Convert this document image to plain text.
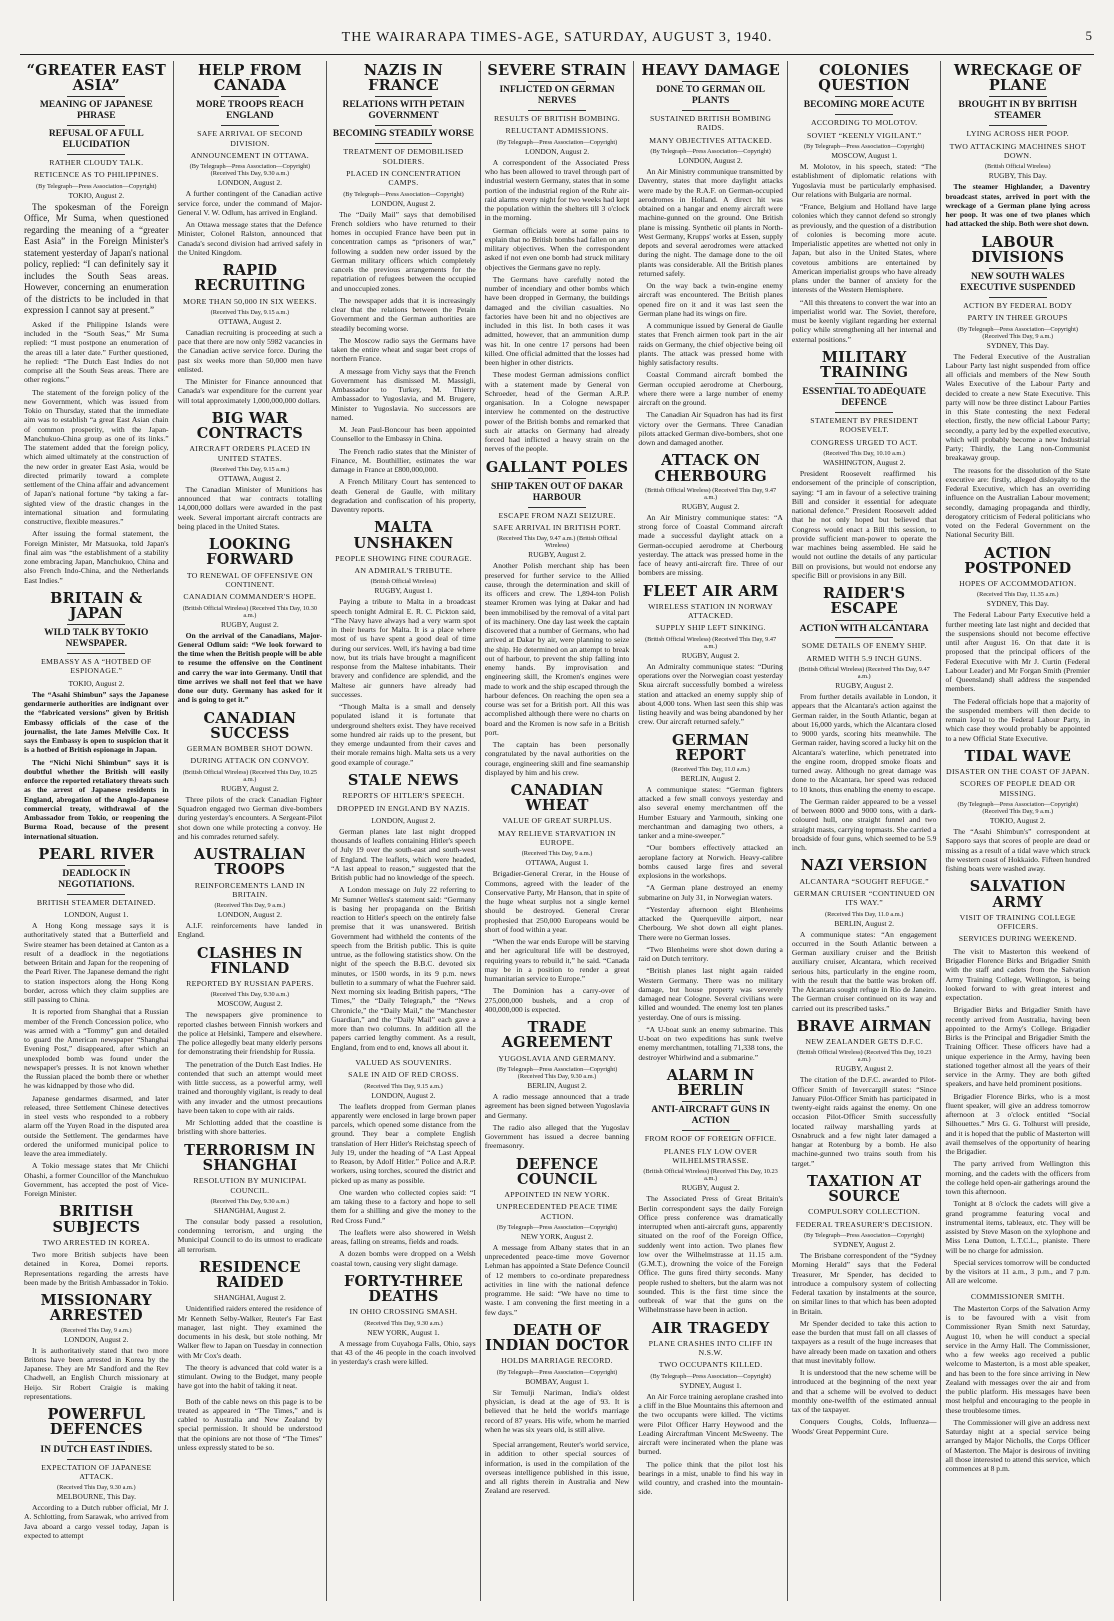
THE WAIRARAPA TIMES-AGE, SATURDAY, AUGUST 3, 1940.	5
“GREATER EAST ASIA”
MEANING OF JAPANESE PHRASE
REFUSAL OF A FULL ELUCIDATION
RATHER CLOUDY TALK.
RETICENCE AS TO PHILIPPINES.
(By Telegraph—Press Association—Copyright)
TOKIO, August 2.

The spokesman of the Foreign Office, Mr Suma, when questioned regarding the meaning of a “greater East Asia” in the Foreign Minister's statement yesterday of Japan's national policy, replied: “I can definitely say it includes the South Seas areas. However, concerning an enumeration of the districts to be included in that expression I cannot say at present.”

Asked if the Philippine Islands were included in the “South Seas,” Mr Suma replied: “I must postpone an enumeration of the areas till a later date.” Further questioned, he replied: “The Dutch East Indies do not comprise all the South Seas areas. There are other regions.”

The statement of the foreign policy of the new Government, which was issued from Tokio on Thursday, stated that the immediate aim was to establish “a great East Asian chain of common prosperity, with the Japan-Manchukuo-China group as one of its links.” The statement added that the foreign policy, which aimed ultimately at the construction of the new order in greater East Asia, would be directed primarily toward a complete settlement of the China affair and advancement of Japan's national fortune “by taking a far-sighted view of the drastic changes in the international situation and formulating constructive, flexible measures.”

After issuing the formal statement, the Foreign Minister, Mr Matsuoka, told Japan's final aim was “the establishment of a stability zone embracing Japan, Manchukuo, China and also French Indo-China, and the Netherlands East Indies.”

BRITAIN & JAPAN
WILD TALK BY TOKIO NEWSPAPER.
EMBASSY AS A “HOTBED OF ESPIONAGE.”
TOKIO, August 2.

The “Asahi Shimbun” says the Japanese gendarmerie authorities are indignant over the “fabricated versions” given by British Embassy officials of the case of the journalist, the late James Melville Cox. It says the Embassy is open to suspicion that it is a hotbed of British espionage in Japan.

The “Nichi Nichi Shimbun” says it is doubtful whether the British will easily enforce the reported retaliatory threats such as the arrest of Japanese residents in England, abrogation of the Anglo-Japanese commercial treaty, withdrawal of the Ambassador from Tokio, or reopening the Burma Road, because of the present international situation.

PEARL RIVER
DEADLOCK IN NEGOTIATIONS.
BRITISH STEAMER DETAINED.
LONDON, August 1.

A Hong Kong message says it is authoritatively stated that a Butterfield and Swire steamer has been detained at Canton as a result of a deadlock in the negotiations between Britain and Japan for the reopening of the Pearl River. The Japanese demand the right to station inspectors along the Hong Kong border, across which they claim supplies are still passing to China.

It is reported from Shanghai that a Russian member of the French Concession police, who was armed with a “Tommy” gun and detailed to guard the American newspaper “Shanghai Evening Post,” disappeared, after which an unexploded bomb was found under the newspaper's presses. It is not known whether the Russian placed the bomb there or whether he was kidnapped by those who did.

Japanese gendarmes disarmed, and later released, three Settlement Chinese detectives in steel vests who responded to a robbery alarm off the Yuyen Road in the disputed area outside the Settlement. The gendarmes have ordered the uniformed municipal police to leave the area immediately.

A Tokio message states that Mr Chiichi Ohashi, a former Councillor of the Manchukuo Government, has accepted the post of Vice-Foreign Minister.

BRITISH SUBJECTS
TWO ARRESTED IN KOREA.

Two more British subjects have been detained in Korea, Domei reports. Representations regarding the arrests have been made by the British Ambassador in Tokio.

MISSIONARY ARRESTED
(Received This Day, 9 a.m.)
LONDON, August 2.

It is authoritatively stated that two more Britons have been arrested in Korea by the Japanese. They are Mr Sandford and the Rev Chadwell, an English Church missionary at Heijo. Sir Robert Craigie is making representations.

POWERFUL DEFENCES
IN DUTCH EAST INDIES.
EXPECTATION OF JAPANESE ATTACK.
(Received This Day, 9.30 a.m.)
MELBOURNE, This Day.

According to a Dutch rubber official, Mr J. A. Schlotting, from Sarawak, who arrived from Java aboard a cargo vessel today, Japan is expected to attempt

HELP FROM CANADA
MORE TROOPS REACH ENGLAND
SAFE ARRIVAL OF SECOND DIVISION.
ANNOUNCEMENT IN OTTAWA.
(By Telegraph—Press Association—Copyright) (Received This Day, 9.30 a.m.)
LONDON, August 2.

A further contingent of the Canadian active service force, under the command of Major-General V. W. Odlum, has arrived in England.

An Ottawa message states that the Defence Minister, Colonel Ralston, announced that Canada's second division had arrived safely in the United Kingdom.

RAPID RECRUITING
MORE THAN 50,000 IN SIX WEEKS.
(Received This Day, 9.15 a.m.)
OTTAWA, August 2.

Canadian recruiting is proceeding at such a pace that there are now only 5982 vacancies in the Canadian active service force. During the past six weeks more than 50,000 men have enlisted.

The Minister for Finance announced that Canada's war expenditure for the current year will total approximately 1,000,000,000 dollars.

BIG WAR CONTRACTS
AIRCRAFT ORDERS PLACED IN UNITED STATES.
(Received This Day, 9.15 a.m.)
OTTAWA, August 2.

The Canadian Minister of Munitions has announced that war contracts totalling 14,000,000 dollars were awarded in the past week. Several important aircraft contracts are being placed in the United States.

LOOKING FORWARD
TO RENEWAL OF OFFENSIVE ON CONTINENT.
CANADIAN COMMANDER'S HOPE.
(British Official Wireless) (Received This Day, 10.30 a.m.)
RUGBY, August 2.

On the arrival of the Canadians, Major-General Odlum said: “We look forward to the time when the British people will be able to resume the offensive on the Continent and carry the war into Germany. Until that time arrives we shall not feel that we have done our duty. Germany has asked for it and is going to get it.”

CANADIAN SUCCESS
GERMAN BOMBER SHOT DOWN.
DURING ATTACK ON CONVOY.
(British Official Wireless) (Received This Day, 10.25 a.m.)
RUGBY, August 2.

Three pilots of the crack Canadian Fighter Squadron engaged two German dive-bombers during yesterday's encounters. A Sergeant-Pilot shot down one while protecting a convoy. He and his comrades returned safely.

AUSTRALIAN TROOPS
REINFORCEMENTS LAND IN BRITAIN.
(Received This Day, 9 a.m.)
LONDON, August 2.

A.I.F. reinforcements have landed in England.

CLASHES IN FINLAND
REPORTED BY RUSSIAN PAPERS.
(Received This Day, 9.30 a.m.)
MOSCOW, August 2.

The newspapers give prominence to reported clashes between Finnish workers and the police at Helsinki, Tampere and elsewhere. The police allegedly beat many elderly persons for demonstrating their friendship for Russia.

The penetration of the Dutch East Indies. He contended that such an attempt would meet with little success, as a powerful army, well trained and thoroughly vigilant, is ready to deal with any invader and the utmost precautions have been taken to cope with air raids.

Mr Schlotting added that the coastline is bristling with shore batteries.

TERRORISM IN SHANGHAI
RESOLUTION BY MUNICIPAL COUNCIL.
(Received This Day, 9.30 a.m.)
SHANGHAI, August 2.

The consular body passed a resolution, condemning terrorism, and urging the Municipal Council to do its utmost to eradicate all terrorism.

RESIDENCE RAIDED
SHANGHAI, August 2.

Unidentified raiders entered the residence of Mr Kenneth Selby-Walker, Reuter's Far East manager, last night. They examined the documents in his desk, but stole nothing. Mr Walker flew to Japan on Tuesday in connection with Mr Cox's death.

The theory is advanced that cold water is a stimulant. Owing to the Budget, many people have got into the habit of taking it neat.

Both of the cable news on this page is to be treated as appeared in “The Times,” and is cabled to Australia and New Zealand by special permission. It should be understood that the opinions are not those of “The Times” unless expressly stated to be so.

NAZIS IN FRANCE
RELATIONS WITH PETAIN GOVERNMENT
BECOMING STEADILY WORSE
TREATMENT OF DEMOBILISED SOLDIERS.
PLACED IN CONCENTRATION CAMPS.
(By Telegraph—Press Association—Copyright)
LONDON, August 2.

The “Daily Mail” says that demobilised French soldiers who have returned to their homes in occupied France have been put in concentration camps as “prisoners of war,” following a sudden new order issued by the German military officers which completely cancels the previous arrangements for the repatriation of refugees between the occupied and unoccupied zones.

The newspaper adds that it is increasingly clear that the relations between the Petain Government and the German authorities are steadily becoming worse.

The Moscow radio says the Germans have taken the entire wheat and sugar beet crops of northern France.

A message from Vichy says that the French Government has dismissed M. Massigli, Ambassador to Turkey, M. Thierry Ambassador to Yugoslavia, and M. Brugere, Minister to Yugoslavia. No successors are named.

M. Jean Paul-Boncour has been appointed Counsellor to the Embassy in China.

The French radio states that the Minister of Finance, M. Bouthillier, estimates the war damage in France at £800,000,000.

A French Military Court has sentenced to death General de Gaulle, with military degradation and confiscation of his property, Daventry reports.

MALTA UNSHAKEN
PEOPLE SHOWING FINE COURAGE.
AN ADMIRAL'S TRIBUTE.
(British Official Wireless)
RUGBY, August 1.

Paying a tribute to Malta in a broadcast speech tonight Admiral E. R. C. Pickton said, “The Navy have always had a very warm spot in their hearts for Malta. It is a place where most of us have spent a good deal of time during our services. Well, it's having a bad time now, but its trials have brought a magnificent response from the Maltese inhabitants. Their bravery and confidence are splendid, and the Maltese air gunners have already had successes.

“Though Malta is a small and densely populated island it is fortunate that underground shelters exist. They have received some hundred air raids up to the present, but they emerge undaunted from their caves and their morale remains high. Malta sets us a very good example of courage.”

STALE NEWS
REPORTS OF HITLER'S SPEECH.
DROPPED IN ENGLAND BY NAZIS.
LONDON, August 2.

German planes late last night dropped thousands of leaflets containing Hitler's speech of July 19 over the south-east and south-west of England. The leaflets, which were headed, “A last appeal to reason,” suggested that the British public had no knowledge of the speech.

A London message on July 22 referring to Mr Sumner Welles's statement said: “Germany is basing her propaganda on the British reaction to Hitler's speech on the entirely false premise that it was unanswered. British Government had withheld the contents of the speech from the British public. This is quite untrue, as the following statistics show. On the night of the speech the B.B.C. devoted six minutes, or 1500 words, in its 9 p.m. news bulletin to a summary of what the Fuehrer said. Next morning six leading British papers, “The Times,” the “Daily Telegraph,” the “News Chronicle,” the “Daily Mail,” the “Manchester Guardian,” and the “Daily Mail” each gave a more than two columns. In addition all the papers carried lengthy comment. As a result, England, from end to end, knows all about it.

VALUED AS SOUVENIRS.
SALE IN AID OF RED CROSS.
(Received This Day, 9.15 a.m.)
LONDON, August 2.

The leaflets dropped from German planes apparently were enclosed in large brown paper parcels, which opened some distance from the ground. They bear a complete English translation of Herr Hitler's Reichstag speech of July 19, under the heading of “A Last Appeal to Reason, by Adolf Hitler.” Police and A.R.P. workers, using torches, scoured the district and picked up as many as possible.

One warden who collected copies said: “I am taking these to a factory and hope to sell them for a shilling and give the money to the Red Cross Fund.”

The leaflets were also showered in Welsh areas, falling on streams, fields and roads.

A dozen bombs were dropped on a Welsh coastal town, causing very slight damage.

FORTY-THREE DEATHS
IN OHIO CROSSING SMASH.
(Received This Day, 9.30 a.m.)
NEW YORK, August 1.

A message from Cuyahoga Falls, Ohio, says that 43 of the 46 people in the coach involved in yesterday's crash were killed.

SEVERE STRAIN
INFLICTED ON GERMAN NERVES
RESULTS OF BRITISH BOMBING.
RELUCTANT ADMISSIONS.
(By Telegraph—Press Association—Copyright)
LONDON, August 2.

A correspondent of the Associated Press who has been allowed to travel through part of industrial western Germany, states that in some portion of the industrial region of the Ruhr air-raid alarms every night for two weeks had kept the population within the shelters till 3 o'clock in the morning.

German officials were at some pains to explain that no British bombs had fallen on any military objectives. When the correspondent asked if not even one bomb had struck military objectives the Germans gave no reply.

The Germans have carefully noted the number of incendiary and other bombs which have been dropped in Germany, the buildings damaged and the civilian casualties. No factories have been hit and no objectives are included in this list. In both cases it was admitted, however, that an ammunition dump was hit. In one centre 17 persons had been killed. One official admitted that the losses had been higher in other districts.

These modest German admissions conflict with a statement made by General von Schroeder, head of the German A.R.P. organisation. In a Cologne newspaper interview he commented on the destructive power of the British bombs and remarked that such air attacks on Germany had already forced had inflicted a heavy strain on the nerves of the people.

GALLANT POLES
SHIP TAKEN OUT OF DAKAR HARBOUR
ESCAPE FROM NAZI SEIZURE.
SAFE ARRIVAL IN BRITISH PORT.
(Received This Day, 9.47 a.m.) (British Official Wireless)
RUGBY, August 2.

Another Polish merchant ship has been preserved for further service to the Allied cause, through the determination and skill of its officers and crew. The 1,894-ton Polish steamer Kromen was lying at Dakar and had been immobilised by the removal of a vital part of its machinery. One day last week the captain discovered that a number of Germans, who had arrived at Dakar by air, were planning to seize the ship. He determined on an attempt to break out of harbour, to prevent the ship falling into enemy hands. By improvisation and engineering skill, the Kromen's engines were made to work and the ship escaped through the harbour defences. On reaching the open sea a course was set for a British port. All this was accomplished although there were no charts on board and the Kromen is now safe in a British port.

The captain has been personally congratulated by the naval authorities on the courage, engineering skill and fine seamanship displayed by him and his crew.

CANADIAN WHEAT
VALUE OF GREAT SURPLUS.
MAY RELIEVE STARVATION IN EUROPE.
(Received This Day, 9 a.m.)
OTTAWA, August 1.

Brigadier-General Crerar, in the House of Commons, agreed with the leader of the Conservative Party, Mr Hanson, that in spite of the huge wheat surplus not a single kernel should be destroyed. General Crerar prophesied that 250,000 Europeans would be short of food within a year.

“When the war ends Europe will be starving and her agricultural life will be destroyed, requiring years to rebuild it,” he said. “Canada may be in a position to render a great humanitarian service to Europe.”

The Dominion has a carry-over of 275,000,000 bushels, and a crop of 400,000,000 is expected.

TRADE AGREEMENT
YUGOSLAVIA AND GERMANY.
(By Telegraph—Press Association—Copyright) (Received This Day, 9.30 a.m.)
BERLIN, August 2.

A radio message announced that a trade agreement has been signed between Yugoslavia and Germany.

The radio also alleged that the Yugoslav Government has issued a decree banning freemasonry.

DEFENCE COUNCIL
APPOINTED IN NEW YORK.
UNPRECEDENTED PEACE TIME ACTION.
(By Telegraph—Press Association—Copyright)
NEW YORK, August 2.

A message from Albany states that in an unprecedented peace-time move Governor Lehman has appointed a State Defence Council of 12 members to co-ordinate preparedness activities in line with the national defence programme. He said: “We have no time to waste. I am convening the first meeting in a few days.”

DEATH OF INDIAN DOCTOR
HOLDS MARRIAGE RECORD.
(By Telegraph—Press Association—Copyright)
BOMBAY, August 1.

Sir Temulji Nariman, India's oldest physician, is dead at the age of 93. It is believed that he held the world's marriage record of 87 years. His wife, whom he married when he was six years old, is still alive.

Special arrangement, Reuter's world service, in addition to other special sources of information, is used in the compilation of the overseas intelligence published in this issue, and all rights therein in Australia and New Zealand are reserved.

HEAVY DAMAGE
DONE TO GERMAN OIL PLANTS
SUSTAINED BRITISH BOMBING RAIDS.
MANY OBJECTIVES ATTACKED.
(By Telegraph—Press Association—Copyright)
LONDON, August 2.

An Air Ministry communique transmitted by Daventry, states that more daylight attacks were made by the R.A.F. on German-occupied aerodromes in Holland. A direct hit was obtained on a hangar and enemy aircraft were machine-gunned on the ground. One British plane is missing. Synthetic oil plants in North-West Germany, Krupps' works at Essen, supply depots and several aerodromes were attacked during the night. The damage done to the oil plants was considerable. All the British planes returned safely.

On the way back a twin-engine enemy aircraft was encountered. The British planes opened fire on it and it was last seen the German plane had its wings on fire.

A communique issued by General de Gaulle states that French airmen took part in the air raids on Germany, the chief objective being oil plants. The attack was pressed home with highly satisfactory results.

Coastal Command aircraft bombed the German occupied aerodrome at Cherbourg, where there were a large number of enemy aircraft on the ground.

The Canadian Air Squadron has had its first victory over the Germans. Three Canadian pilots attacked German dive-bombers, shot one down and damaged another.

ATTACK ON CHERBOURG
(British Official Wireless) (Received This Day, 9.47 a.m.)
RUGBY, August 2.

An Air Ministry communique states: “A strong force of Coastal Command aircraft made a successful daylight attack on a German-occupied aerodrome at Cherbourg yesterday. The attack was pressed home in the face of heavy anti-aircraft fire. Three of our bombers are missing.

FLEET AIR ARM
WIRELESS STATION IN NORWAY ATTACKED.
SUPPLY SHIP LEFT SINKING.
(British Official Wireless) (Received This Day, 9.47 a.m.)
RUGBY, August 2.

An Admiralty communique states: “During operations over the Norwegian coast yesterday Skua aircraft successfully bombed a wireless station and attacked an enemy supply ship of about 4,000 tons. When last seen this ship was listing heavily and was being abandoned by her crew. Our aircraft returned safely.”

GERMAN REPORT
(Received This Day, 11.0 a.m.)
BERLIN, August 2.

A communique states: “German fighters attacked a few small convoys yesterday and also several enemy merchantmen off the Humber Estuary and Yarmouth, sinking one merchantman and damaging two others, a tanker and a mine-sweeper.”

“Our bombers effectively attacked an aeroplane factory at Norwich. Heavy-calibre bombs caused large fires and several explosions in the workshops.

“A German plane destroyed an enemy submarine on July 31, in Norwegian waters.

“Yesterday afternoon eight Blenheims attacked the Querqueville airport, near Cherbourg. We shot down all eight planes. There were no German losses.

“Two Blenheims were shot down during a raid on Dutch territory.

“British planes last night again raided Western Germany. There was no military damage, but house property was severely damaged near Cologne. Several civilians were killed and wounded. The enemy lost ten planes yesterday. One of ours is missing.

“A U-boat sunk an enemy submarine. This U-boat on two expeditions has sunk twelve enemy merchantmen, totalling 71,338 tons, the destroyer Whirlwind and a submarine.”

ALARM IN BERLIN
ANTI-AIRCRAFT GUNS IN ACTION
FROM ROOF OF FOREIGN OFFICE.
PLANES FLY LOW OVER WILHELMSTRASSE.
(British Official Wireless) (Received This Day, 10.23 a.m.)
RUGBY, August 2.

The Associated Press of Great Britain's Berlin correspondent says the daily Foreign Office press conference was dramatically interrupted when anti-aircraft guns, apparently situated on the roof of the Foreign Office, suddenly went into action. Two planes flew low over the Wilhelmstrasse at 11.15 a.m. (G.M.T.), drowning the voice of the Foreign Office. The guns fired thirty seconds. Many people rushed to shelters, but the alarm was not sounded. This is the first time since the outbreak of war that the guns on the Wilhelmstrasse have been in action.

AIR TRAGEDY
PLANE CRASHES INTO CLIFF IN N.S.W.
TWO OCCUPANTS KILLED.
(By Telegraph—Press Association—Copyright)
SYDNEY, August 1.

An Air Force training aeroplane crashed into a cliff in the Blue Mountains this afternoon and the two occupants were killed. The victims were Pilot Officer Harry Heywood and the Leading Aircraftman Vincent McSweeny. The aircraft were incinerated when the plane was burned.

The police think that the pilot lost his bearings in a mist, unable to find his way in wild country, and crashed into the mountain-side.

COLONIES QUESTION
BECOMING MORE ACUTE
ACCORDING TO MOLOTOV.
SOVIET “KEENLY VIGILANT.”
(By Telegraph—Press Association—Copyright)
MOSCOW, August 1.

M. Molotov, in his speech, stated: “The establishment of diplomatic relations with Yugoslavia must be particularly emphasised. Our relations with Bulgaria are normal.

“France, Belgium and Holland have large colonies which they cannot defend so strongly as previously, and the question of a distribution of colonies is becoming more acute. Imperialistic appetites are whetted not only in Japan, but also in the United States, where covetous ambitions are entertained by American imperialist groups who have already plans under the banner of anxiety for the interests of the Western Hemisphere.

“All this threatens to convert the war into an imperialist world war. The Soviet, therefore, must be keenly vigilant regarding her external policy while strengthening all her internal and external positions.”

MILITARY TRAINING
ESSENTIAL TO ADEQUATE DEFENCE
STATEMENT BY PRESIDENT ROOSEVELT.
CONGRESS URGED TO ACT.
(Received This Day, 10.10 a.m.)
WASHINGTON, August 2.

President Roosevelt reaffirmed his endorsement of the principle of conscription, saying: “I am in favour of a selective training Bill and consider it essential for adequate national defence.” President Roosevelt added that he not only hoped but believed that Congress would enact a Bill this session, to provide sufficient man-power to operate the war machines being assembled. He said he would not outline the details of any particular Bill on provisions, but would not endorse any specific Bill or provisions in any Bill.

RAIDER'S ESCAPE
ACTION WITH ALCANTARA
SOME DETAILS OF ENEMY SHIP.
ARMED WITH 5.9 INCH GUNS.
(British Official Wireless) (Received This Day, 9.47 a.m.)
RUGBY, August 2.

From further details available in London, it appears that the Alcantara's action against the German raider, in the South Atlantic, began at about 16,000 yards, which the Alcantara closed to 9000 yards, scoring hits meanwhile. The German raider, having scored a lucky hit on the Alcantara's waterline, which penetrated into the engine room, dropped smoke floats and turned away. Although no great damage was done to the Alcantara, her speed was reduced to 10 knots, thus enabling the enemy to escape.

The German raider appeared to be a vessel of between 8000 and 9000 tons, with a dark-coloured hull, one straight funnel and two straight masts, carrying topmasts. She carried a broadside of four guns, which seemed to be 5.9 inch.

NAZI VERSION
ALCANTARA “SOUGHT REFUGE.”
GERMAN CRUISER “CONTINUED ON ITS WAY.”
(Received This Day, 11.0 a.m.)
BERLIN, August 2.

A communique states: “An engagement occurred in the South Atlantic between a German auxiliary cruiser and the British auxiliary cruiser, Alcantara, which received serious hits, particularly in the engine room, with the result that the battle was broken off. The Alcantara sought refuge in Rio de Janeiro. The German cruiser continued on its way and carried out its prescribed tasks.”

BRAVE AIRMAN
NEW ZEALANDER GETS D.F.C.
(British Official Wireless) (Received This Day, 10.23 a.m.)
RUGBY, August 2.

The citation of the D.F.C. awarded to Pilot-Officer Smith of Invercargill states: “Since January Pilot-Officer Smith has participated in twenty-eight raids against the enemy. On one occasion Pilot-Officer Smith successfully located railway marshalling yards at Osnabruck and a few night later damaged a hangar at Rotenburg by a bomb. He also machine-gunned two trains south from his target.”

TAXATION AT SOURCE
COMPULSORY COLLECTION.
FEDERAL TREASURER'S DECISION.
(By Telegraph—Press Association—Copyright)
SYDNEY, August 2.

The Brisbane correspondent of the “Sydney Morning Herald” says that the Federal Treasurer, Mr Spender, has decided to introduce a compulsory system of collecting Federal taxation by instalments at the source, on similar lines to that which has been adopted in Britain.

Mr Spender decided to take this action to ease the burden that must fall on all classes of taxpayers as a result of the huge increases that have already been made on taxation and others that must inevitably follow.

It is understood that the new scheme will be introduced at the beginning of the next year and that a scheme will be evolved to deduct monthly one-twelfth of the estimated annual tax of the taxpayer.

Conquers Coughs, Colds, Influenza—Woods' Great Peppermint Cure.

WRECKAGE OF PLANE
BROUGHT IN BY BRITISH STEAMER
LYING ACROSS HER POOP.
TWO ATTACKING MACHINES SHOT DOWN.
(British Official Wireless)
RUGBY, This Day.

The steamer Highlander, a Daventry broadcast states, arrived in port with the wreckage of a German plane lying across her poop. It was one of two planes which had attacked the ship. Both were shot down.

LABOUR DIVISIONS
NEW SOUTH WALES EXECUTIVE SUSPENDED
ACTION BY FEDERAL BODY
PARTY IN THREE GROUPS
(By Telegraph—Press Association—Copyright) (Received This Day, 9 a.m.)
SYDNEY, This Day.

The Federal Executive of the Australian Labour Party last night suspended from office all officials and members of the New South Wales Executive of the Labour Party and decided to create a new State Executive. This party will now be three distinct Labour Parties in this State contesting the next Federal election, firstly, the new official Labour Party; secondly, a party led by the expelled executive, which will probably become a new Industrial Party; Thirdly, the Lang non-Communist breakaway group.

The reasons for the dissolution of the State executive are: firstly, alleged disloyalty to the Federal Executive, which has an overriding influence on the Australian Labour movement; secondly, damaging propaganda and thirdly, derogatory criticism of Federal politicians who voted on the Federal Government on the National Security Bill.

ACTION POSTPONED
HOPES OF ACCOMMODATION.
(Received This Day, 11.35 a.m.)
SYDNEY, This Day.

The Federal Labour Party Executive held a further meeting late last night and decided that the suspensions should not become effective until after August 16. On that date it is proposed that the principal officers of the Federal Executive with Mr J. Curtin (Federal Labour Leader) and Mr Forgan Smith (Premier of Queensland) shall address the suspended members.

The Federal officials hope that a majority of the suspended members will then decide to remain loyal to the Federal Labour Party, in which case they would probably be appointed to a new Official State Executive.

TIDAL WAVE
DISASTER ON THE COAST OF JAPAN.
SCORES OF PEOPLE DEAD OR MISSING.
(By Telegraph—Press Association—Copyright) (Received This Day, 9 a.m.)
TOKIO, August 2.

The “Asahi Shimbun's” correspondent at Sapporo says that scores of people are dead or missing as a result of a tidal wave which struck the western coast of Hokkaido. Fifteen hundred fishing boats were washed away.

SALVATION ARMY
VISIT OF TRAINING COLLEGE OFFICERS.
SERVICES DURING WEEKEND.

The visit to Masterton this weekend of Brigadier Florence Birks and Brigadier Smith with the staff and cadets from the Salvation Army Training College, Wellington, is being looked forward to with great interest and expectation.

Brigadier Birks and Brigadier Smith have recently arrived from Australia, having been appointed to the Army's College. Brigadier Birks is the Principal and Brigadier Smith the Training Officer. These officers have had a unique experience in the Army, having been stationed together almost all the years of their service in the Army. They are both gifted speakers, and have held prominent positions.

Brigadier Florence Birks, who is a most fluent speaker, will give an address tomorrow afternoon at 3 o'clock entitled “Social Silhouettes.” Mrs G. G. Tolhurst will preside, and it is hoped that the public of Masterton will avail themselves of the opportunity of hearing the Brigadier.

The party arrived from Wellington this morning, and the cadets with the officers from the college held open-air gatherings around the town this afternoon.

Tonight at 8 o'clock the cadets will give a grand programme featuring vocal and instrumental items, tableaux, etc. They will be assisted by Steve Mason on the xylophone and Miss Lena Dutton, L.T.C.L., pianiste. There will be no charge for admission.

Special services tomorrow will be conducted by the visitors at 11 a.m., 3 p.m., and 7 p.m. All are welcome.

COMMISSIONER SMITH.

The Masterton Corps of the Salvation Army is to be favoured with a visit from Commissioner Ryan Smith next Saturday, August 10, when he will conduct a special service in the Army Hall. The Commissioner, who a few weeks ago received a public welcome to Masterton, is a most able speaker, and has been to the fore since arriving in New Zealand with messages over the air and from the public platform. His messages have been most helpful and encouraging to the people in these troublesome times.

The Commissioner will give an address next Saturday night at a special service being arranged by Major Nicholls, the Corps Officer of Masterton. The Major is desirous of inviting all those interested to attend this service, which commences at 8 p.m.
